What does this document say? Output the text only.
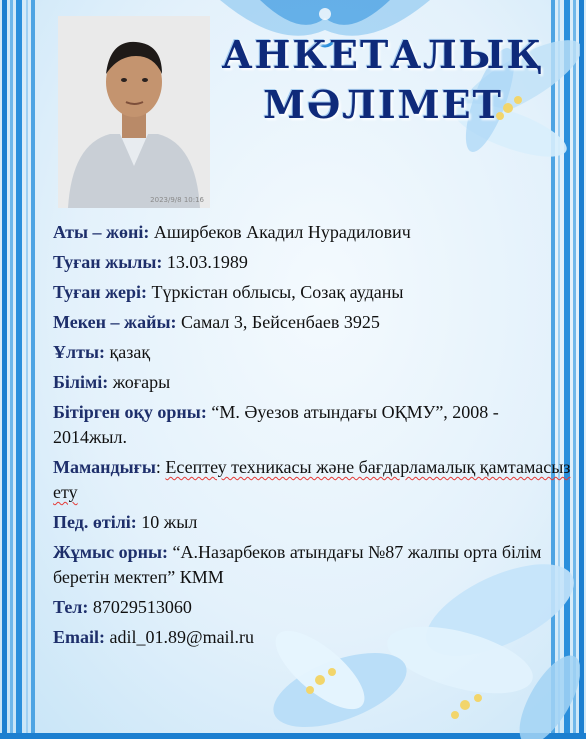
АНКЕТАЛЫҚ
МӘЛІМЕТ
2023/9/8 10:16
Аты – жөні: Аширбеков Акадил Нурадилович
Туған жылы: 13.03.1989
Туған жері: Түркістан облысы, Созақ ауданы
Мекен – жайы: Самал 3, Бейсенбаев 3925
Ұлты: қазақ
Білімі: жоғары
Бітірген оқу орны: “М. Әуезов атындағы ОҚМУ”, 2008 - 2014жыл.
Мамандығы: Есептеу техникасы және бағдарламалық қамтамасыз ету
Пед. өтілі: 10 жыл
Жұмыс орны: “А.Назарбеков атындағы №87 жалпы орта білім беретін мектеп” КММ
Тел: 87029513060
Email: adil_01.89@mail.ru
